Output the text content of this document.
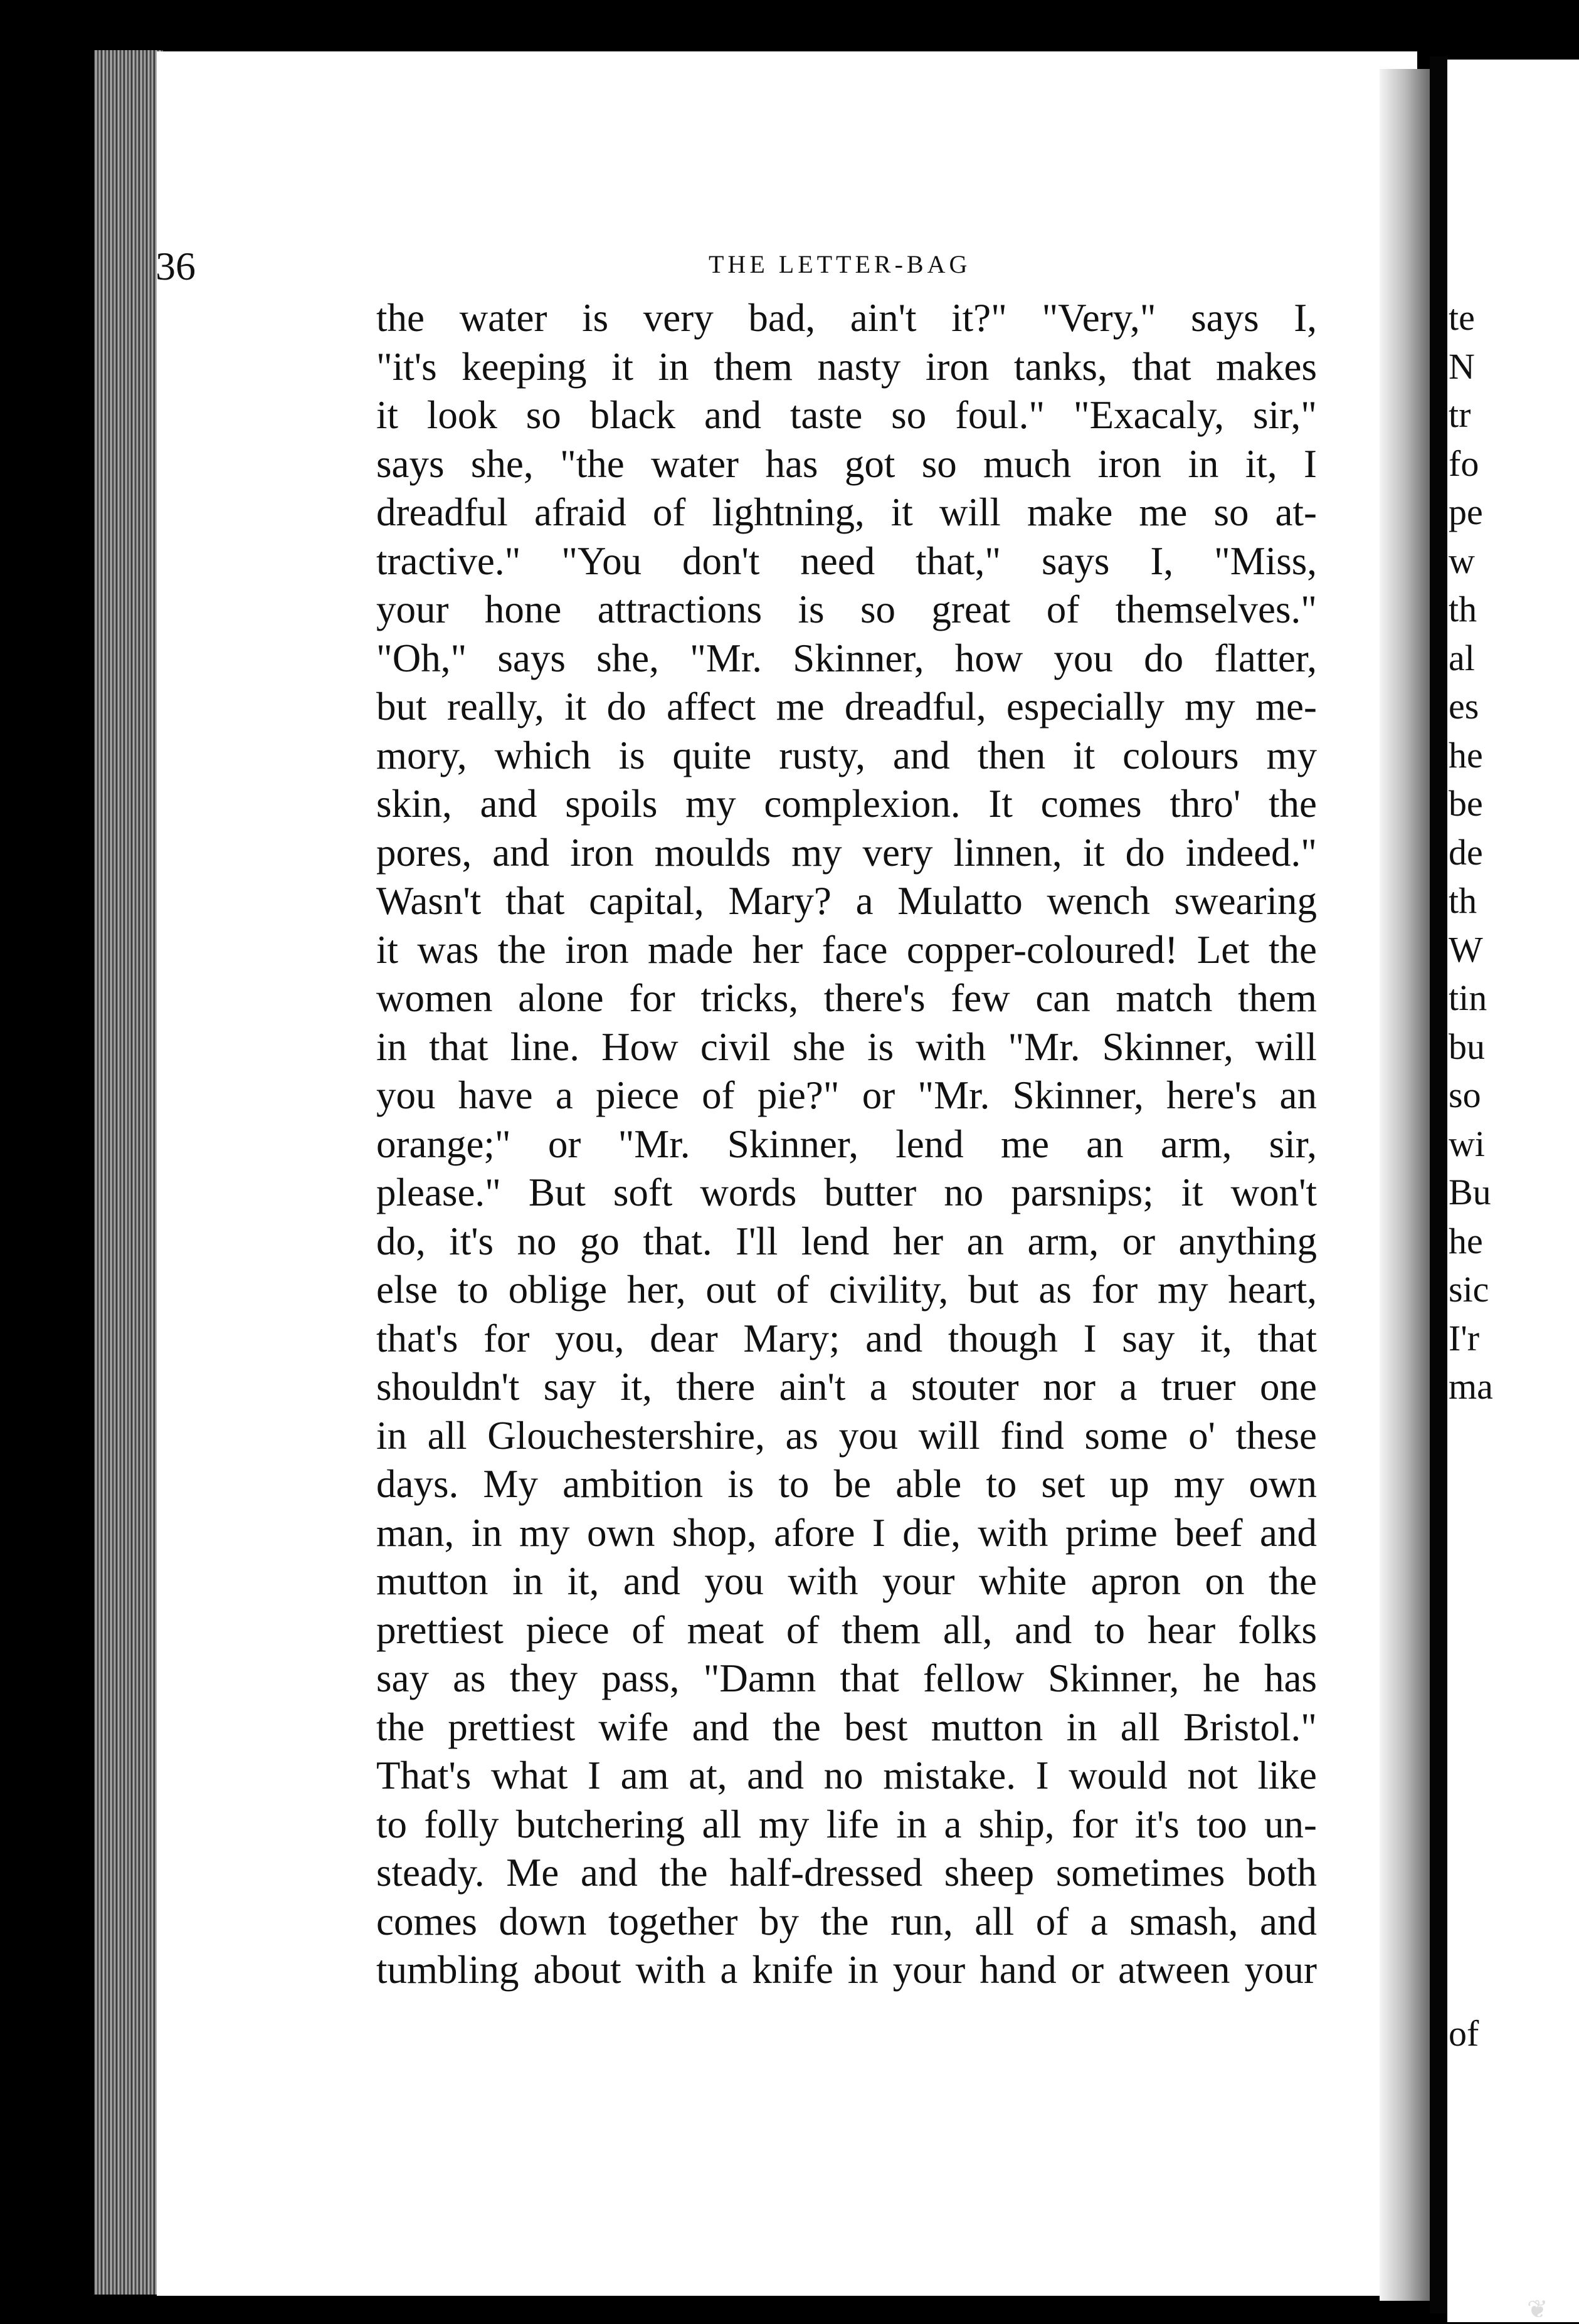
te
N
tr
fo
pe
w
th
al
es
he
be
de
th
W
tin
bu
so
wi
Bu
he
sic
I'r
ma
of
36	THE LETTER-BAG
the water is very bad, ain't it?" "Very," says I,
"it's keeping it in them nasty iron tanks, that makes
it look so black and taste so foul." "Exacaly, sir,"
says she, "the water has got so much iron in it, I
dreadful afraid of lightning, it will make me so at-
tractive." "You don't need that," says I, "Miss,
your hone attractions is so great of themselves."
"Oh," says she, "Mr. Skinner, how you do flatter,
but really, it do affect me dreadful, especially my me-
mory, which is quite rusty, and then it colours my
skin, and spoils my complexion. It comes thro' the
pores, and iron moulds my very linnen, it do indeed."
Wasn't that capital, Mary? a Mulatto wench swearing
it was the iron made her face copper-coloured! Let the
women alone for tricks, there's few can match them
in that line. How civil she is with "Mr. Skinner, will
you have a piece of pie?" or "Mr. Skinner, here's an
orange;" or "Mr. Skinner, lend me an arm, sir,
please." But soft words butter no parsnips; it won't
do, it's no go that. I'll lend her an arm, or anything
else to oblige her, out of civility, but as for my heart,
that's for you, dear Mary; and though I say it, that
shouldn't say it, there ain't a stouter nor a truer one
in all Glouchestershire, as you will find some o' these
days. My ambition is to be able to set up my own
man, in my own shop, afore I die, with prime beef and
mutton in it, and you with your white apron on the
prettiest piece of meat of them all, and to hear folks
say as they pass, "Damn that fellow Skinner, he has
the prettiest wife and the best mutton in all Bristol."
That's what I am at, and no mistake. I would not like
to folly butchering all my life in a ship, for it's too un-
steady. Me and the half-dressed sheep sometimes both
comes down together by the run, all of a smash, and
tumbling about with a knife in your hand or atween your
❦
